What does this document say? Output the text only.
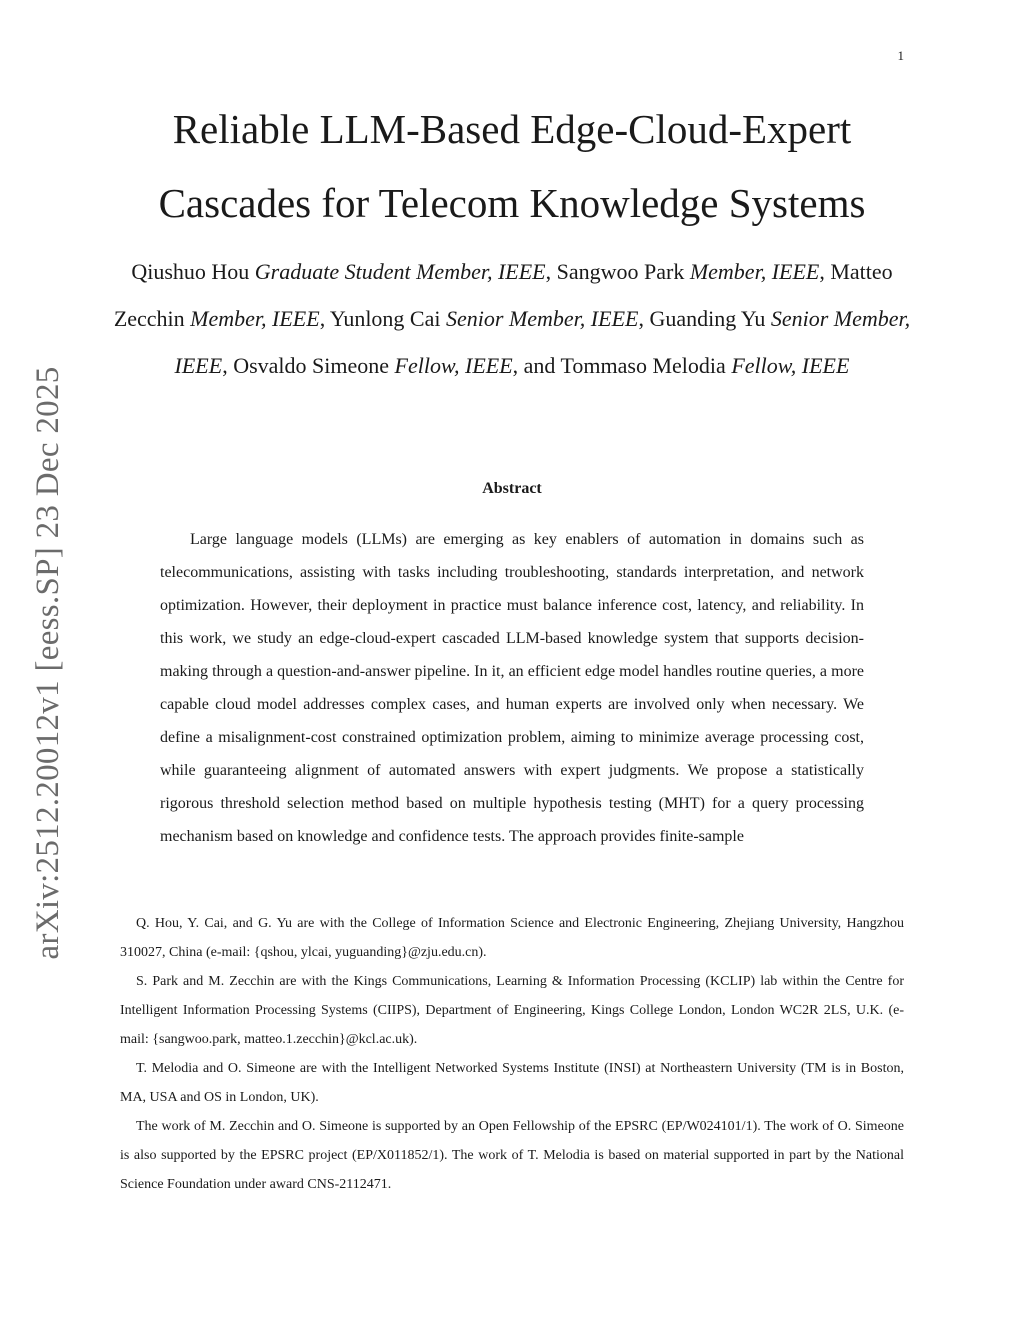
1
arXiv:2512.20012v1 [eess.SP] 23 Dec 2025
Reliable LLM-Based Edge-Cloud-Expert Cascades for Telecom Knowledge Systems

Qiushuo Hou Graduate Student Member, IEEE, Sangwoo Park Member, IEEE, Matteo Zecchin Member, IEEE, Yunlong Cai Senior Member, IEEE, Guanding Yu Senior Member, IEEE, Osvaldo Simeone Fellow, IEEE, and Tommaso Melodia Fellow, IEEE

Abstract

Large language models (LLMs) are emerging as key enablers of automation in domains such as telecommunications, assisting with tasks including troubleshooting, standards interpretation, and network optimization. However, their deployment in practice must balance inference cost, latency, and reliability. In this work, we study an edge-cloud-expert cascaded LLM-based knowledge system that supports decision-making through a question-and-answer pipeline. In it, an efficient edge model handles routine queries, a more capable cloud model addresses complex cases, and human experts are involved only when necessary. We define a misalignment-cost constrained optimization problem, aiming to minimize average processing cost, while guaranteeing alignment of automated answers with expert judgments. We propose a statistically rigorous threshold selection method based on multiple hypothesis testing (MHT) for a query processing mechanism based on knowledge and confidence tests. The approach provides finite-sample

Q. Hou, Y. Cai, and G. Yu are with the College of Information Science and Electronic Engineering, Zhejiang University, Hangzhou 310027, China (e-mail: {qshou, ylcai, yuguanding}@zju.edu.cn).

S. Park and M. Zecchin are with the Kings Communications, Learning & Information Processing (KCLIP) lab within the Centre for Intelligent Information Processing Systems (CIIPS), Department of Engineering, Kings College London, London WC2R 2LS, U.K. (e-mail: {sangwoo.park, matteo.1.zecchin}@kcl.ac.uk).

T. Melodia and O. Simeone are with the Intelligent Networked Systems Institute (INSI) at Northeastern University (TM is in Boston, MA, USA and OS in London, UK).

The work of M. Zecchin and O. Simeone is supported by an Open Fellowship of the EPSRC (EP/W024101/1). The work of O. Simeone is also supported by the EPSRC project (EP/X011852/1). The work of T. Melodia is based on material supported in part by the National Science Foundation under award CNS-2112471.
